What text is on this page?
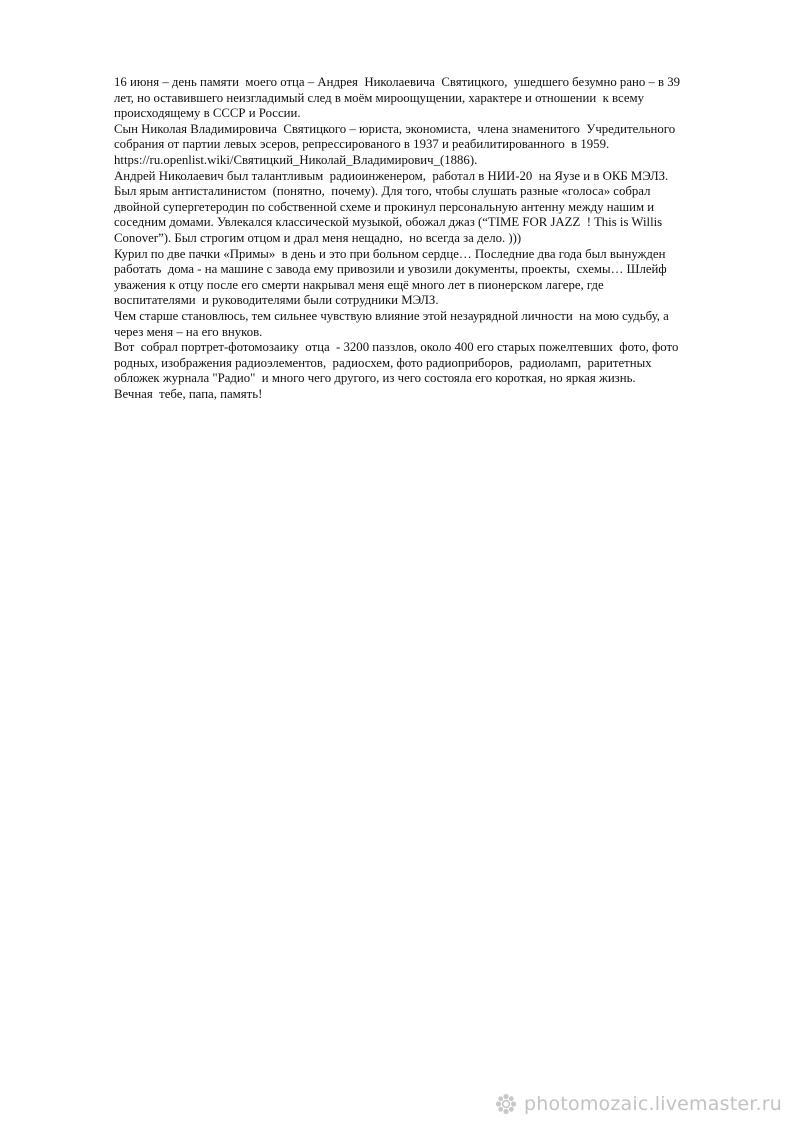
16 июня – день памяти  моего отца – Андрея  Николаевича  Святицкого,  ушедшего безумно рано – в 39
лет, но оставившего неизгладимый след в моём мироощущении, характере и отношении  к всему
происходящему в СССР и России.
Сын Николая Владимировича  Святицкого – юриста, экономиста,  члена знаменитого  Учредительного
собрания от партии левых эсеров, репрессированого в 1937 и реабилитированного  в 1959.
https://ru.openlist.wiki/Святицкий_Николай_Владимирович_(1886).
Андрей Николаевич был талантливым  радиоинженером,  работал в НИИ-20  на Яузе и в ОКБ МЭЛЗ.
Был ярым антисталинистом  (понятно,  почему). Для того, чтобы слушать разные «голоса» собрал
двойной супергетеродин по собственной схеме и прокинул персональную антенну между нашим и
соседним домами. Увлекался классической музыкой, обожал джаз (“TIME FOR JAZZ  ! This is Willis
Conover”). Был строгим отцом и драл меня нещадно,  но всегда за дело. )))
Курил по две пачки «Примы»  в день и это при больном сердце… Последние два года был вынужден
работать  дома - на машине с завода ему привозили и увозили документы, проекты,  схемы… Шлейф
уважения к отцу после его смерти накрывал меня ещё много лет в пионерском лагере, где
воспитателями  и руководителями были сотрудники МЭЛЗ.
Чем старше становлюсь, тем сильнее чувствую влияние этой незаурядной личности  на мою судьбу, а
через меня – на его внуков.
Вот  собрал портрет-фотомозаику  отца  - 3200 паззлов, около 400 его старых пожелтевших  фото, фото
родных, изображения радиоэлементов,  радиосхем, фото радиоприборов,  радиоламп,  раритетных
обложек журнала "Радио"  и много чего другого, из чего состояла его короткая, но яркая жизнь.
Вечная  тебе, папа, память!
photomozaic.livemaster.ru
